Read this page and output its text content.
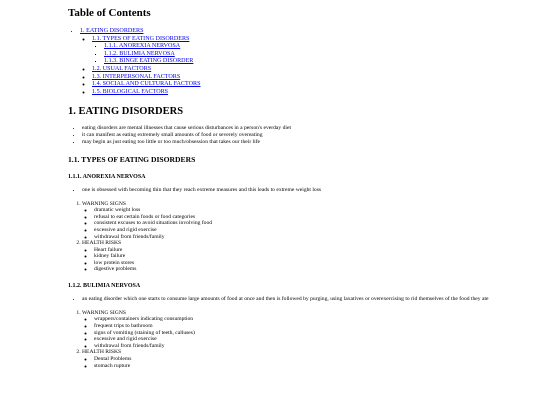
Table of Contents
• 1. EATING DISORDERS
◦ 1.1. TYPES OF EATING DISORDERS
▪ 1.1.1. ANOREXIA NERVOSA
▪ 1.1.2. BULIMIA NERVOSA
▪ 1.1.3. BINGE EATING DISORDER
◦ 1.2. USUAL FACTORS
◦ 1.3. INTERPERSONAL FACTORS
◦ 1.4. SOCIAL AND CULTURAL FACTORS
◦ 1.5. BIOLOGICAL FACTORS
1. EATING DISORDERS
• eating disorders are mental illnesses that cause serious disturbances in a person's everday diet
• it can manifest as eating extremely small amounts of food or severely overeating
• may begin as just eating too little or too much/obsession that takes our their life
1.1. TYPES OF EATING DISORDERS
1.1.1. ANOREXIA NERVOSA
• one is obsessed with becoming thin that they reach extreme measures and this leads to extreme weight loss
1. WARNING SIGNS
◦ dramatic weight loss
◦ refusal to eat certain foods or food categories
◦ consistent excuses to avoid situations involving food
◦ excessive and rigid exercise
◦ withdrawal from friends/family
2. HEALTH RISKS
◦ Heart failure
◦ kidney failure
◦ low protein stores
◦ digestive problems
1.1.2. BULIMIA NERVOSA
• an eating disorder which one starts to consume large amounts of food at once and then is followed by purging, using laxatives or overexercising to rid themselves of the food they ate
1. WARNING SIGNS
◦ wrappers/containers indicating consumption
◦ frequent trips to bathroom
◦ signs of vomiting (staining of teeth, calluses)
◦ excessive and rigid exercise
◦ withdrawal from friends/family
2. HEALTH RISKS
◦ Dental Problems
◦ stomach rupture
